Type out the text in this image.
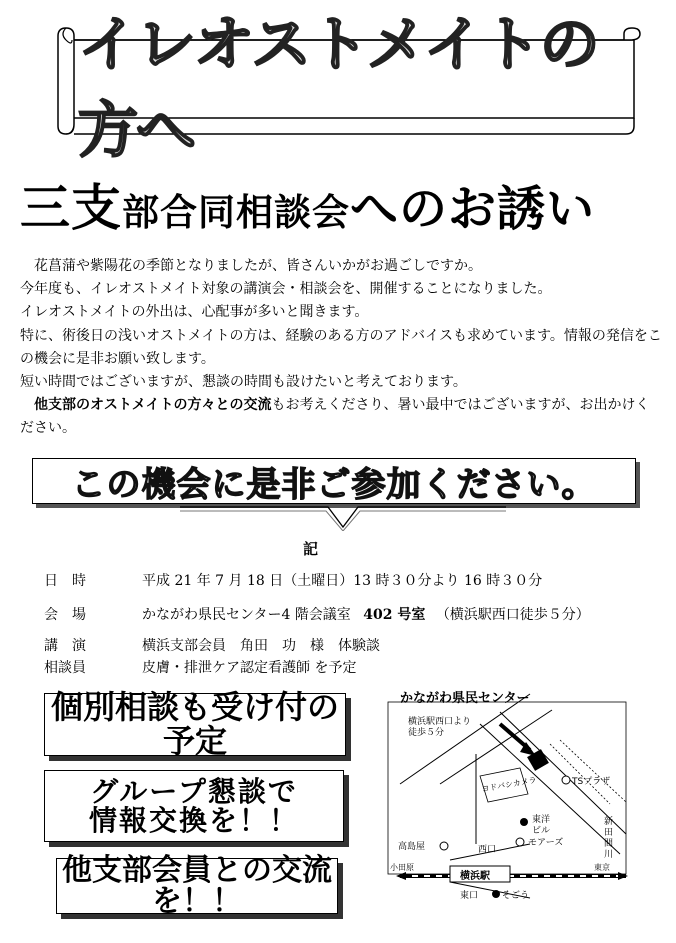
イレオストメイトの方へ
三支 部 合同相談会 へのお誘い

　花菖蒲や紫陽花の季節となりましたが、皆さんいかがお過ごしですか。

今年度も、イレオストメイト対象の講演会・相談会を、開催することになりました。

イレオストメイトの外出は、心配事が多いと聞きます。

特に、術後日の浅いオストメイトの方は、経験のある方のアドバイスも求めています。情報の発信をこの機会に是非お願い致します。

短い時間ではございますが、懇談の時間も設けたいと考えております。

　他支部のオストメイトの方々との交流もお考えくださり、暑い最中ではございますが、お出かけください。

この機会に是非ご参加ください。
記
日　時	平成 21 年 7 月 18 日（土曜日）13 時３０分より 16 時３０分
会　場	かながわ県民センター4 階会議室 402 号室 （横浜駅西口徒歩５分）
講　演	横浜支部会員　角田　功　様　体験談
相談員	皮膚・排泄ケア認定看護師 を予定
個別相談も受け付の予定
グループ懇談で
情報交換を！！
他支部会員との交流を！！
かながわ県民センター
横浜駅西口より
徒歩５分
ヨドバシカメラ	TSプラザ
東洋
ビル
モアーズ
高島屋	西口
新
田
間
川
小田原	東京
横浜駅
東口	そごう
